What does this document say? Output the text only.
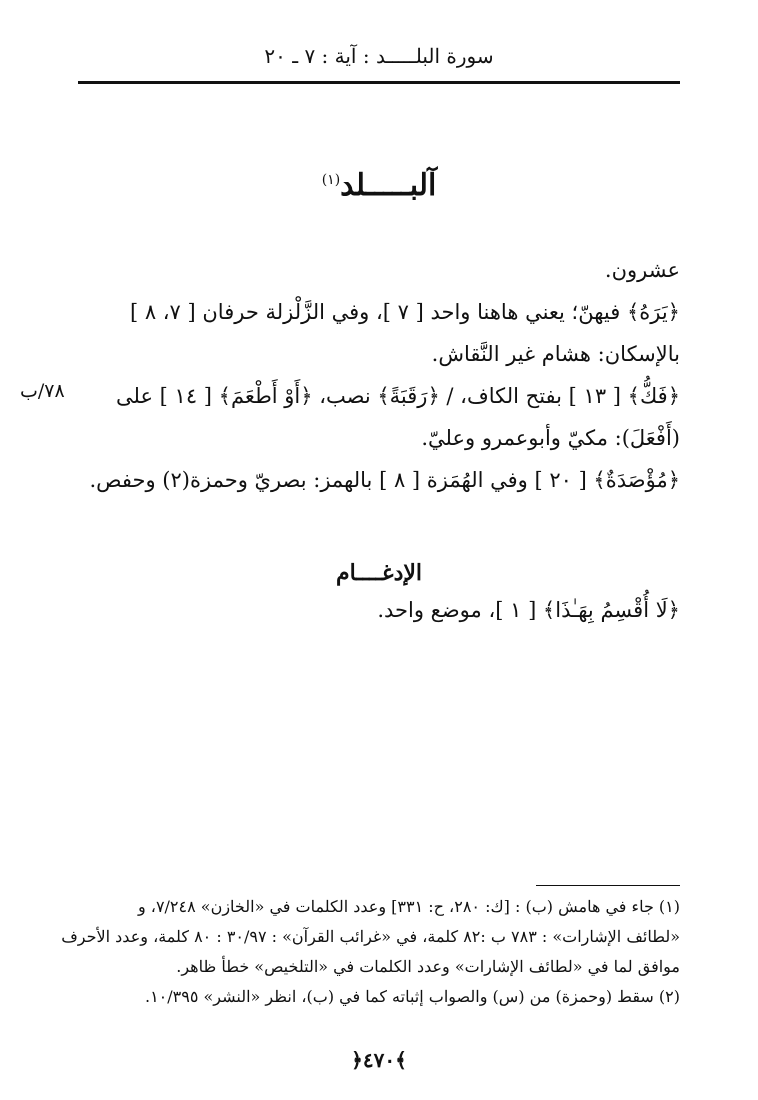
سورة البلـــــد : آية : ٧ ـ ٢٠
آلبـــــلد$^{(١)}$
عشرون.
﴿يَرَهُ﴾ فيهنّ؛ يعني هاهنا واحد [ ٧ ]، وفي الزَّلْزلة حرفان [ ٧، ٨ ]
بالإسكان: هشام غير النَّقاش.
﴿فَكُّ﴾ [ ١٣ ] بفتح الكاف، / ﴿رَقَبَةً﴾ نصب، ﴿أَوْ أَطْعَمَ﴾ [ ١٤ ] على
(أَفْعَلَ): مكيّ وأبوعمرو وعليّ.
﴿مُؤْصَدَةٌ﴾ [ ٢٠ ] وفي الهُمَزة [ ٨ ] بالهمز: بصريّ وحمزة(٢) وحفص.
٧٨/ب
الإدغــــام
﴿لَا أُقْسِمُ بِهَـٰذَا﴾ [ ١ ]، موضع واحد.
(١) جاء في هامش (ب) : [ك: ٢٨٠، ح: ٣٣١] وعدد الكلمات في «الخازن» ٧/٢٤٨، و
«لطائف الإشارات» : ٧٨٣ ب :٨٢ كلمة، في «غرائب القرآن» : ٣٠/٩٧ : ٨٠ كلمة، وعدد الأحرف
موافق لما في «لطائف الإشارات» وعدد الكلمات في «التلخيص» خطأ ظاهر.
(٢) سقط (وحمزة) من (س) والصواب إثباته كما في (ب)، انظر «النشر» ١٠/٣٩٥.
﴿٤٧٠﴾
